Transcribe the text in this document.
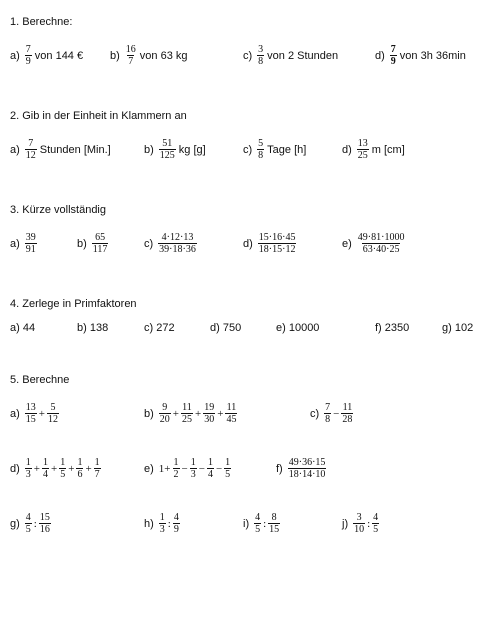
1. Berechne:
$a) \frac{7}{9}$ von 144 € $b) \frac{16}{7}$ von 63 kg	$c) \frac{3}{8}$ von 2 Stunden	$d) \frac{7}{9}$ von 3h 36min
2. Gib in der Einheit in Klammern an
$a) \frac{7}{12}$ Stunden [Min.]	$b) \frac{51}{125}$ kg [g]	$c) \frac{5}{8}$ Tage [h]	$d) \frac{13}{25}$ m [cm]
3. Kürze vollständig
$a) \frac{39}{91}$	$b) \frac{65}{117}$	$c) \frac{4\cdot 12\cdot 13}{39\cdot 18\cdot 36}$	$d) \frac{15\cdot 16\cdot 45}{18\cdot 15\cdot 12}$	$e) \frac{49\cdot 81\cdot 1000}{63\cdot 40\cdot 25}$
4. Zerlege in Primfaktoren
a) 44	b) 138	c) 272	d) 750	e) 10000	f) 2350	g) 102
5. Berechne
$a) \frac{13}{15} + \frac{5}{12}$	$b) \frac{9}{20} + \frac{11}{25} + \frac{19}{30} + \frac{11}{45}$	$c) \frac{7}{8} - \frac{11}{28}$
$d) \frac{1}{3} + \frac{1}{4} + \frac{1}{5} + \frac{1}{6} + \frac{1}{7}$	e) $1+ \frac{1}{2} - \frac{1}{3} - \frac{1}{4} - \frac{1}{5}$	$f) \frac{49\cdot 36\cdot 15}{18\cdot 14\cdot 10}$
$g) \frac{4}{5}$ : $\frac{15}{16}$	$h) \frac{1}{3}$ : $\frac{4}{9}$	$i) \frac{4}{5}$ : $\frac{8}{15}$	$j) \frac{3}{10}$ : $\frac{4}{5}$
